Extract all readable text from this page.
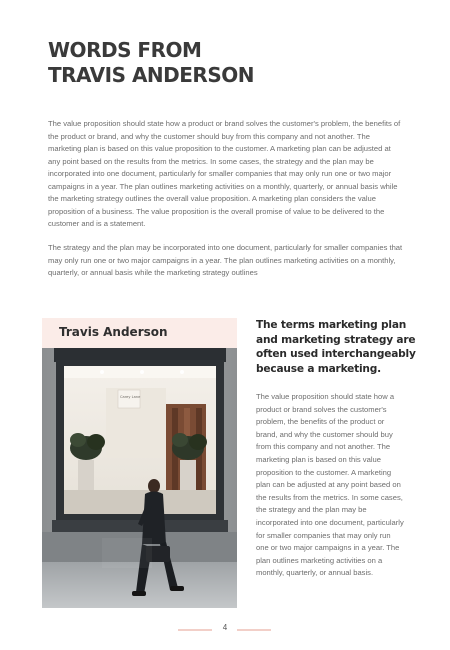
WORDS FROM
TRAVIS ANDERSON

The value proposition should state how a product or brand solves the customer's problem, the benefits of the product or brand, and why the customer should buy from this company and not another. The marketing plan is based on this value proposition to the customer. A marketing plan can be adjusted at any point based on the results from the metrics. In some cases, the strategy and the plan may be incorporated into one document, particularly for smaller companies that may only run one or two major campaigns in a year. The plan outlines marketing activities on a monthly, quarterly, or annual basis while the marketing strategy outlines the overall value proposition. A marketing plan considers the value proposition of a business. The value proposition is the overall promise of value to be delivered to the customer and is a statement.

The strategy and the plan may be incorporated into one document, particularly for smaller companies that may only run one or two major campaigns in a year. The plan outlines marketing activities on a monthly, quarterly, or annual basis while the marketing strategy outlines

Travis Anderson
Carey Lane

The terms marketing plan and marketing strategy are often used interchangeably because a marketing.

The value proposition should state how a product or brand solves the customer's problem, the benefits of the product or brand, and why the customer should buy from this company and not another. The marketing plan is based on this value proposition to the customer. A marketing plan can be adjusted at any point based on the results from the metrics. In some cases, the strategy and the plan may be incorporated into one document, particularly for smaller companies that may only run one or two major campaigns in a year. The plan outlines marketing activities on a monthly, quarterly, or annual basis.

4
